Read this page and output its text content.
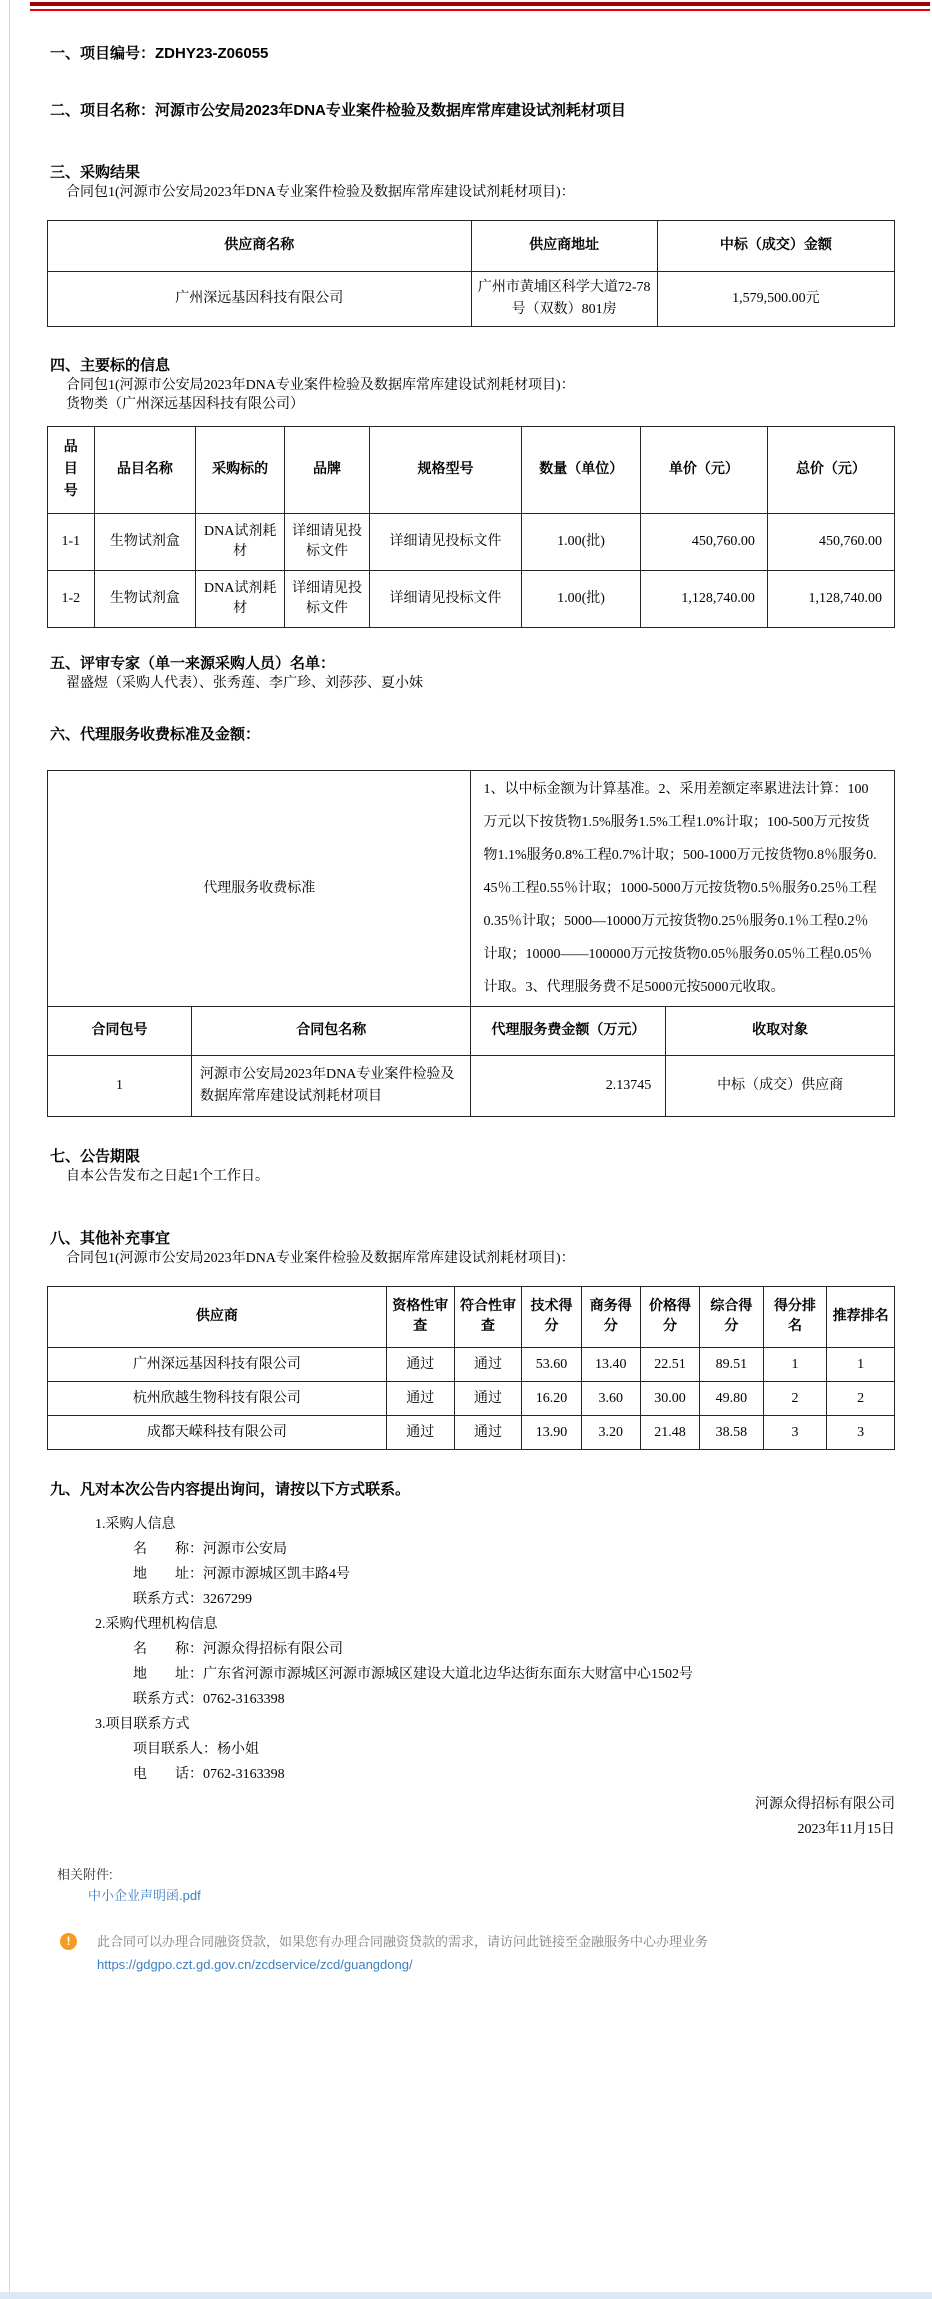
一、项目编号：ZDHY23-Z06055
二、项目名称：河源市公安局2023年DNA专业案件检验及数据库常库建设试剂耗材项目
三、采购结果

合同包1(河源市公安局2023年DNA专业案件检验及数据库常库建设试剂耗材项目)：

供应商名称	供应商地址	中标（成交）金额
广州深远基因科技有限公司	广州市黄埔区科学大道72-78号（双数）801房	1,579,500.00元
四、主要标的信息

合同包1(河源市公安局2023年DNA专业案件检验及数据库常库建设试剂耗材项目)：

货物类（广州深远基因科技有限公司）

品目号	品目名称	采购标的	品牌	规格型号	数量（单位）	单价（元）	总价（元）
1-1	生物试剂盒	DNA试剂耗材	详细请见投标文件	详细请见投标文件	1.00(批)	450,760.00	450,760.00
1-2	生物试剂盒	DNA试剂耗材	详细请见投标文件	详细请见投标文件	1.00(批)	1,128,740.00	1,128,740.00
五、评审专家（单一来源采购人员）名单：

翟盛煜（采购人代表）、张秀莲、李广珍、刘莎莎、夏小妹

六、代理服务收费标准及金额：
代理服务收费标准		1、以中标金额为计算基准。2、采用差额定率累进法计算：100万元以下按货物1.5%服务1.5%工程1.0%计取；100-500万元按货物1.1%服务0.8%工程0.7%计取；500-1000万元按货物0.8％服务0.45％工程0.55％计取；1000-5000万元按货物0.5％服务0.25％工程0.35％计取；5000—10000万元按货物0.25％服务0.1％工程0.2％计取；10000——100000万元按货物0.05％服务0.05％工程0.05％计取。3、代理服务费不足5000元按5000元收取。	
合同包号	合同包名称	代理服务费金额（万元）	收取对象
1	河源市公安局2023年DNA专业案件检验及数据库常库建设试剂耗材项目	2.13745	中标（成交）供应商
七、公告期限

自本公告发布之日起1个工作日。

八、其他补充事宜

合同包1(河源市公安局2023年DNA专业案件检验及数据库常库建设试剂耗材项目)：

供应商	资格性审查	符合性审查	技术得分	商务得分	价格得分	综合得分	得分排名	推荐排名
广州深远基因科技有限公司	通过	通过	53.60	13.40	22.51	89.51	1	1
杭州欣越生物科技有限公司	通过	通过	16.20	3.60	30.00	49.80	2	2
成都天嵘科技有限公司	通过	通过	13.90	3.20	21.48	38.58	3	3
九、凡对本次公告内容提出询问，请按以下方式联系。
1.采购人信息
名　　称：河源市公安局
地　　址：河源市源城区凯丰路4号
联系方式：3267299
2.采购代理机构信息
名　　称：河源众得招标有限公司
地　　址：广东省河源市源城区河源市源城区建设大道北边华达街东面东大财富中心1502号
联系方式：0762-3163398
3.项目联系方式
项目联系人：杨小姐
电　　话：0762-3163398
河源众得招标有限公司
2023年11月15日
相关附件:
中小企业声明函.pdf
!
此合同可以办理合同融资贷款，如果您有办理合同融资贷款的需求，请访问此链接至金融服务中心办理业务
https://gdgpo.czt.gd.gov.cn/zcdservice/zcd/guangdong/
